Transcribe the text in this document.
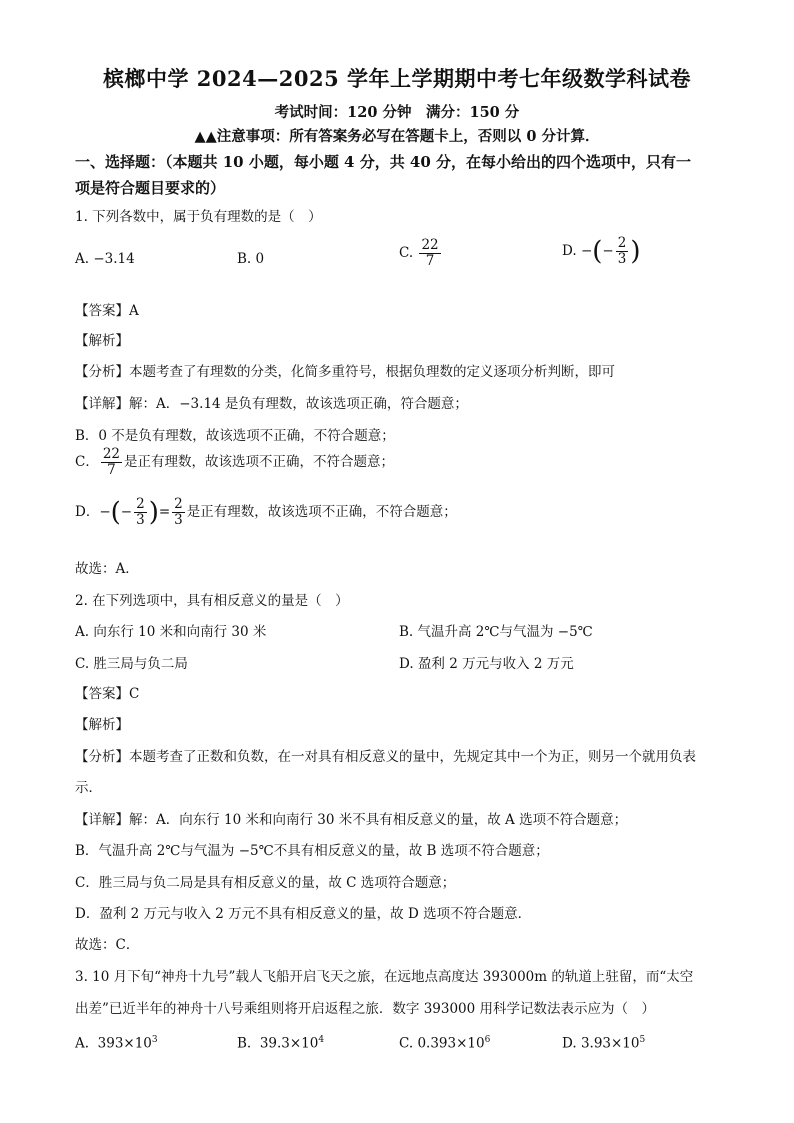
槟榔中学 2024—2025 学年上学期期中考七年级数学科试卷
考试时间：120 分钟　满分：150 分
▲▲注意事项：所有答案务必写在答题卡上，否则以 0 分计算．
一、选择题：（本题共 10 小题，每小题 4 分，共 40 分，在每小给出的四个选项中，只有一
项是符合题目要求的）
1. 下列各数中，属于负有理数的是（　）
A. −3.14	B. 0	C. $\frac{22}{7}$	D. −(− $\frac{2}{3}$ )
【答案】A
【解析】
【分析】本题考查了有理数的分类，化简多重符号，根据负理数的定义逐项分析判断，即可
【详解】解：A．−3.14 是负有理数，故该选项正确，符合题意；
B．0 不是负有理数，故该选项不正确，不符合题意；
C． $\frac{22}{7}$ 是正有理数，故该选项不正确，不符合题意；
D．−(− $\frac{2}{3}$ )= $\frac{2}{3}$ 是正有理数，故该选项不正确，不符合题意；
故选：A．
2. 在下列选项中，具有相反意义的量是（　）
A. 向东行 10 米和向南行 30 米	B. 气温升高 2℃与气温为 −5℃
C. 胜三局与负二局	D. 盈利 2 万元与收入 2 万元
【答案】C
【解析】
【分析】本题考查了正数和负数，在一对具有相反意义的量中，先规定其中一个为正，则另一个就用负表
示．
【详解】解：A．向东行 10 米和向南行 30 米不具有相反意义的量，故 A 选项不符合题意；
B．气温升高 2℃与气温为 −5℃不具有相反意义的量，故 B 选项不符合题意；
C．胜三局与负二局是具有相反意义的量，故 C 选项符合题意；
D．盈利 2 万元与收入 2 万元不具有相反意义的量，故 D 选项不符合题意．
故选：C．
3. 10 月下旬“神舟十九号”载人飞船开启飞天之旅，在远地点高度达 393000m 的轨道上驻留，而“太空
出差”已近半年的神舟十八号乘组则将开启返程之旅．数字 393000 用科学记数法表示应为（　）
A. $393\times 10^3$	B. $39.3\times 10^4$	C. $0.393\times 10^6$	D. $3.93\times 10^5$
